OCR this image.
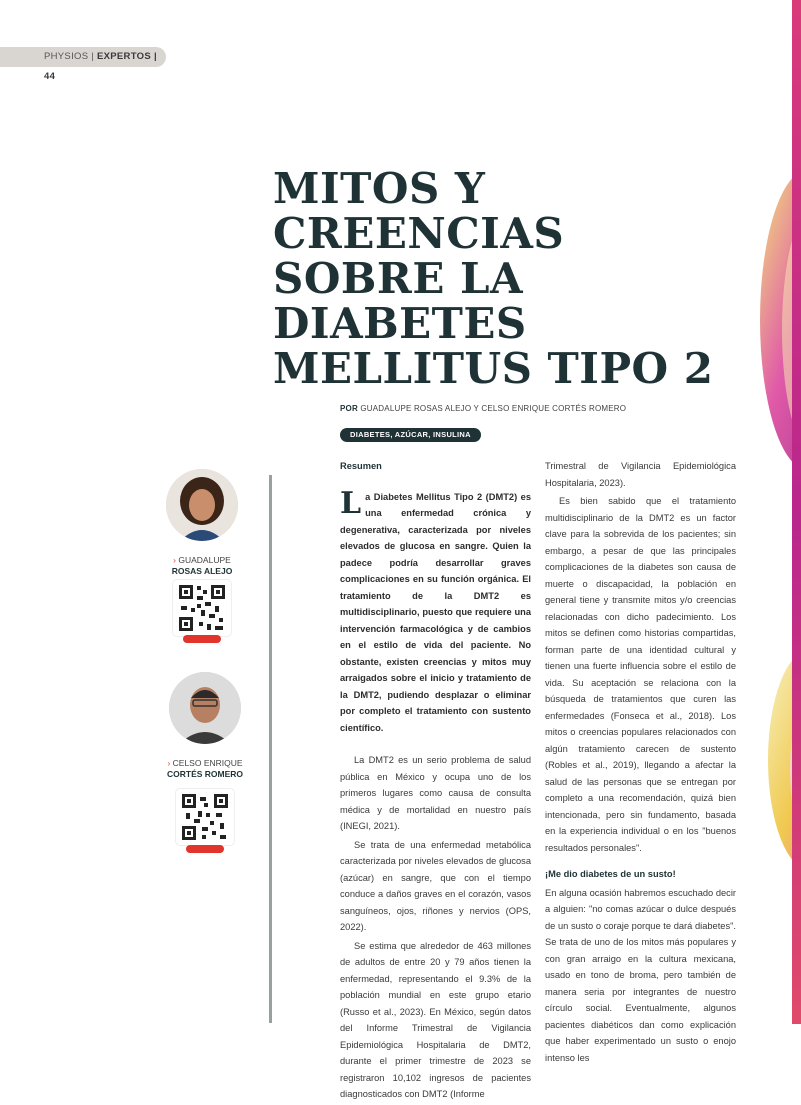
PHYSIOS | EXPERTOS | 44
MITOS Y
CREENCIAS
SOBRE LA
DIABETES
MELLITUS TIPO 2
POR GUADALUPE ROSAS ALEJO Y CELSO ENRIQUE CORTÉS ROMERO
DIABETES, AZÚCAR, INSULINA
› GUADALUPE
ROSAS ALEJO
› CELSO ENRIQUE
CORTÉS ROMERO

Resumen

La Diabetes Mellitus Tipo 2 (DMT2) es una enfermedad crónica y degenerativa, caracterizada por niveles elevados de glucosa en sangre. Quien la padece podría desarrollar graves complicaciones en su función orgánica. El tratamiento de la DMT2 es multidisciplinario, puesto que requiere una intervención farmacológica y de cambios en el estilo de vida del paciente. No obstante, existen creencias y mitos muy arraigados sobre el inicio y tratamiento de la DMT2, pudiendo desplazar o eliminar por completo el tratamiento con sustento científico.

La DMT2 es un serio problema de salud pública en México y ocupa uno de los primeros lugares como causa de consulta médica y de mortalidad en nuestro país (INEGI, 2021).

Se trata de una enfermedad metabólica caracterizada por niveles elevados de glucosa (azúcar) en sangre, que con el tiempo conduce a daños graves en el corazón, vasos sanguíneos, ojos, riñones y nervios (OPS, 2022).

Se estima que alrededor de 463 millones de adultos de entre 20 y 79 años tienen la enfermedad, representando el 9.3% de la población mundial en este grupo etario (Russo et al., 2023). En México, según datos del Informe Trimestral de Vigilancia Epidemiológica Hospitalaria de DMT2, durante el primer trimestre de 2023 se registraron 10,102 ingresos de pacientes diagnosticados con DMT2 (Informe

Trimestral de Vigilancia Epidemiológica Hospitalaria, 2023).

Es bien sabido que el tratamiento multidisciplinario de la DMT2 es un factor clave para la sobrevida de los pacientes; sin embargo, a pesar de que las principales complicaciones de la diabetes son causa de muerte o discapacidad, la población en general tiene y transmite mitos y/o creencias relacionadas con dicho padecimiento. Los mitos se definen como historias compartidas, forman parte de una identidad cultural y tienen una fuerte influencia sobre el estilo de vida. Su aceptación se relaciona con la búsqueda de tratamientos que curen las enfermedades (Fonseca et al., 2018). Los mitos o creencias populares relacionados con algún tratamiento carecen de sustento (Robles et al., 2019), llegando a afectar la salud de las personas que se entregan por completo a una recomendación, quizá bien intencionada, pero sin fundamento, basada en la experiencia individual o en los "buenos resultados personales".

¡Me dio diabetes de un susto!

En alguna ocasión habremos escuchado decir a alguien: "no comas azúcar o dulce después de un susto o coraje porque te dará diabetes". Se trata de uno de los mitos más populares y con gran arraigo en la cultura mexicana, usado en tono de broma, pero también de manera seria por integrantes de nuestro círculo social. Eventualmente, algunos pacientes diabéticos dan como explicación que haber experimentado un susto o enojo intenso les
